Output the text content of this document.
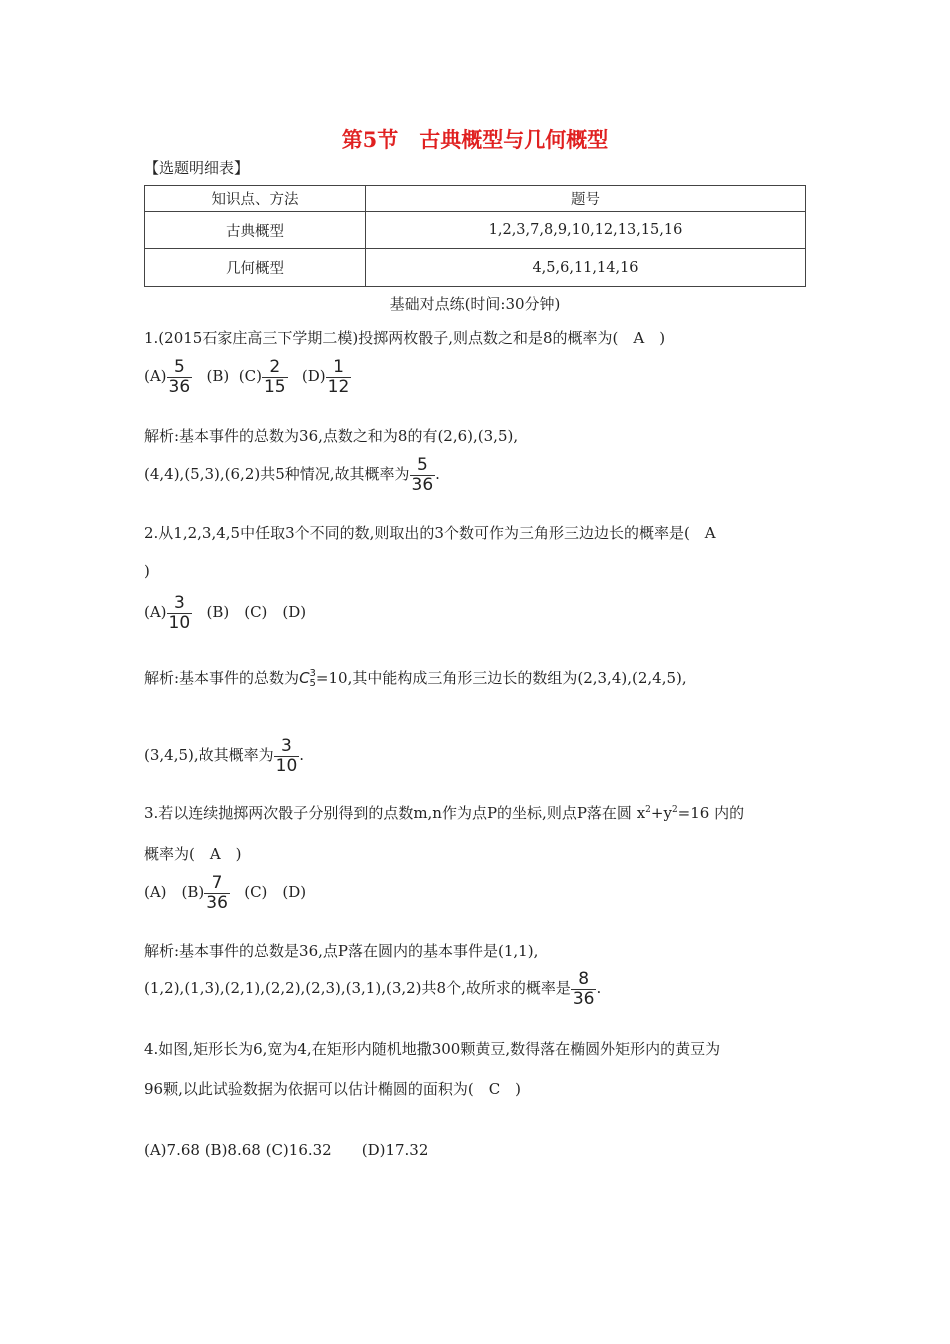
第5节　古典概型与几何概型
【选题明细表】
知识点、方法	题号
古典概型	1,2,3,7,8,9,10,12,13,15,16
几何概型	4,5,6,11,14,16
基础对点练(时间:30分钟)
1.(2015石家庄高三下学期二模)投掷两枚骰子,则点数之和是8的概率为(　A　)
$(A) \frac{5}{36} (B)$ $(C) \frac{2}{15} (D) \frac{1}{12}$
解析:基本事件的总数为36,点数之和为8的有(2,6),(3,5),
(4,4),(5,3),(6,2)共5种情况,故其概率为 $\frac{5}{36}$ .
2.从1,2,3,4,5中任取3个不同的数,则取出的3个数可作为三角形三边边长的概率是(　A
)
$(A) \frac{3}{10} (B)$　(C)　(D)
解析:基本事件的总数为C 3
5 =10,其中能构成三角形三边长的数组为(2,3,4),(2,4,5),
(3,4,5),故其概率为 $\frac{3}{10}$ .
3.若以连续抛掷两次骰子分别得到的点数m,n作为点P的坐标,则点P落在圆 $x^2+y^2=16$ 内的
概率为(　A　)
(A)　$(B) \frac{7}{36} (C)$　(D)
解析:基本事件的总数是36,点P落在圆内的基本事件是(1,1),
(1,2),(1,3),(2,1),(2,2),(2,3),(3,1),(3,2)共8个,故所求的概率是 $\frac{8}{36}$ .
4.如图,矩形长为6,宽为4,在矩形内随机地撒300颗黄豆,数得落在椭圆外矩形内的黄豆为
96颗,以此试验数据为依据可以估计椭圆的面积为(　C　)
(A)7.68 (B)8.68 (C)16.32　　(D)17.32
